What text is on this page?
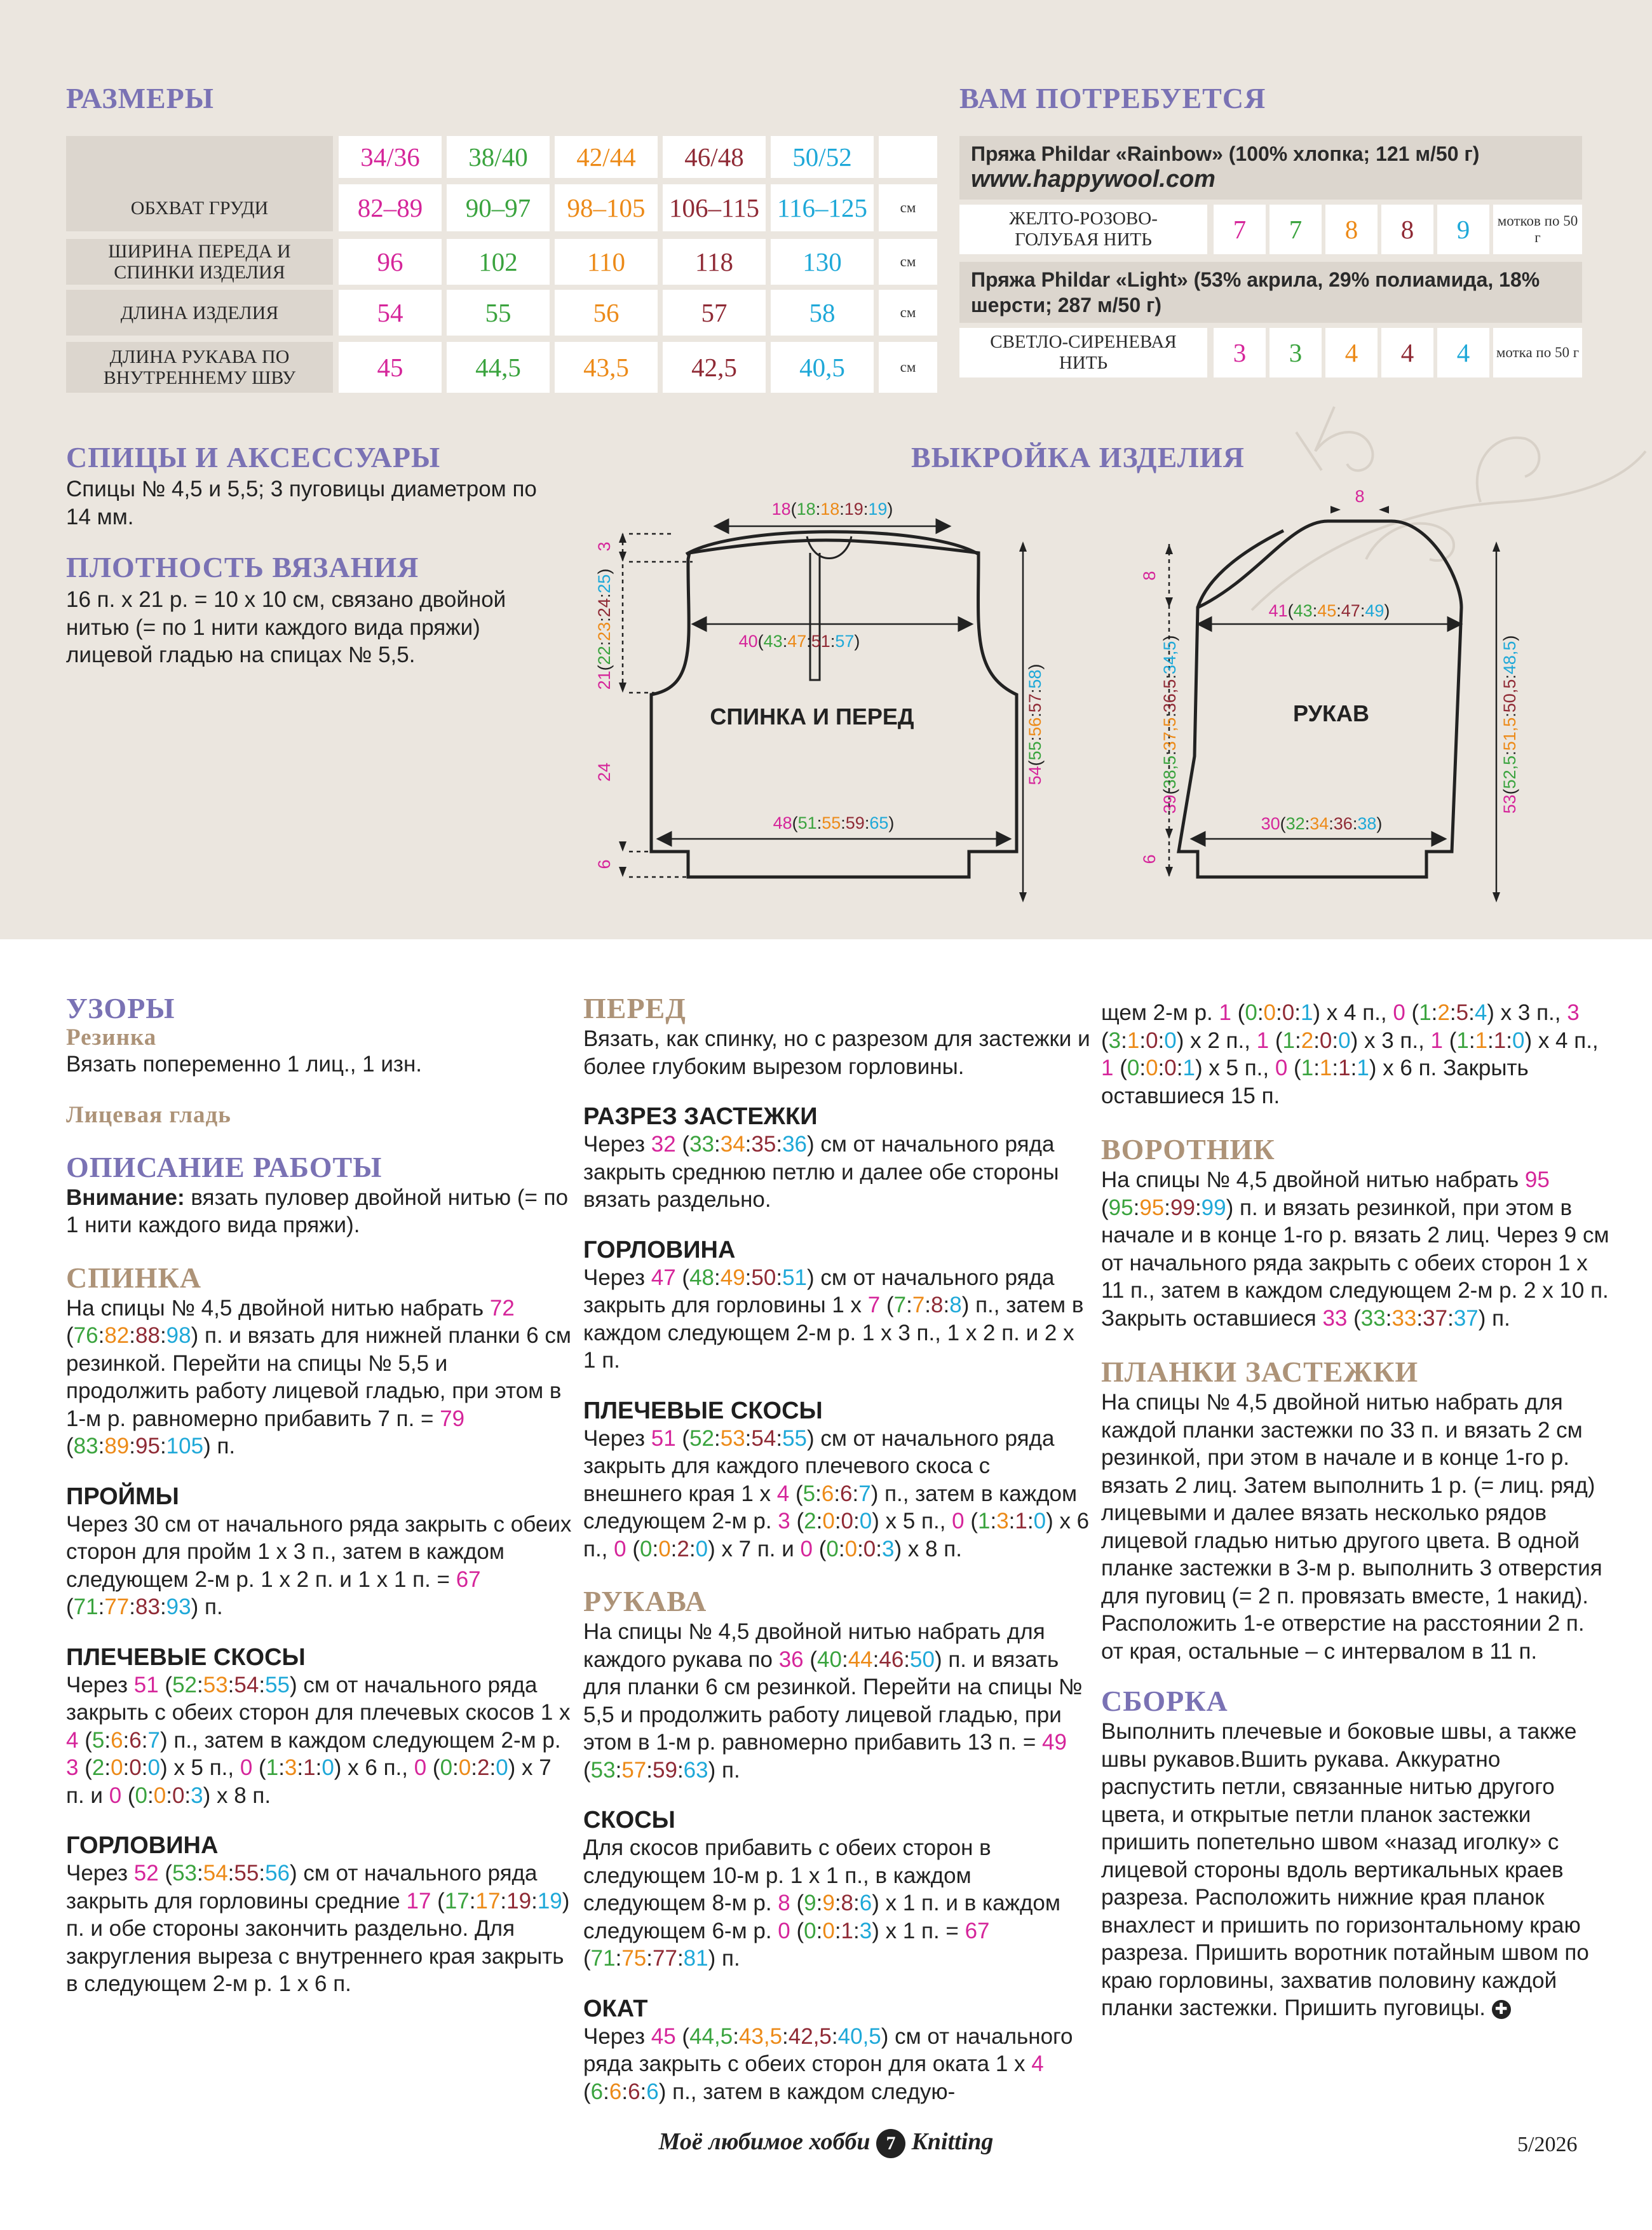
РАЗМЕРЫ
34/36	38/40	42/44	46/48	50/52
ОБХВАТ ГРУДИ	82–89	90–97	98–105 106–115 116–125	см
ШИРИНА ПЕРЕДА И СПИНКИ ИЗДЕЛИЯ	96	102	110	118	130	см
ДЛИНА ИЗДЕЛИЯ	54	55	56	57	58	см
ДЛИНА РУКАВА ПО ВНУТРЕННЕМУ ШВУ	45	44,5	43,5	42,5	40,5	см
ВАМ ПОТРЕБУЕТСЯ
Пряжа Phildar «Rainbow» (100% хлопка; 121 м/50 г)
www.happywool.com
ЖЕЛТО-РОЗОВО-ГОЛУБАЯ НИТЬ	7	7	8	8	9	мотков по 50 г
Пряжа Phildar «Light» (53% акрила, 29% полиамида, 18% шерсти; 287 м/50 г)
СВЕТЛО-СИРЕНЕВАЯ НИТЬ	3	3	4	4	4	мотка по 50 г
СПИЦЫ И АКСЕССУАРЫ
Спицы № 4,5 и 5,5; 3 пуговицы диаметром по 14 мм.
ПЛОТНОСТЬ ВЯЗАНИЯ
16 п. х 21 р. = 10 х 10 см, связано двойной нитью (= по 1 нити каждого вида пряжи) лицевой гладью на спицах № 5,5.
ВЫКРОЙКА ИЗДЕЛИЯ
СПИНКА И ПЕРЕД
18(18:18:19:19)
40(43:47:51:57)
48(51:55:59:65)
21(22:23:24:25)
54(55:56:57:58)
3
24
6
РУКАВ
41(43:45:47:49)
30(32:34:36:38)
39(38,5:37,5:36,5:34,5)
53(52,5:51,5:50,5:48,5)
8
8
6
УЗОРЫ
Резинка

Вязать попеременно 1 лиц., 1 изн.

Лицевая гладь
ОПИСАНИЕ РАБОТЫ

Внимание: вязать пуловер двойной нитью (= по 1 нити каждого вида пряжи).

СПИНКА

На спицы № 4,5 двойной нитью набрать 72 (76:82:88:98) п. и вязать для нижней планки 6 см резинкой. Перейти на спицы № 5,5 и продолжить работу лицевой гладью, при этом в 1-м р. равномерно прибавить 7 п. = 79 (83:89:95:105) п.

ПРОЙМЫ

Через 30 см от начального ряда закрыть с обеих сторон для пройм 1 х 3 п., затем в каждом следующем 2-м р. 1 х 2 п. и 1 х 1 п. = 67 (71:77:83:93) п.

ПЛЕЧЕВЫЕ СКОСЫ

Через 51 (52:53:54:55) см от начального ряда закрыть с обеих сторон для плечевых скосов 1 х 4 (5:6:6:7) п., затем в каждом следующем 2-м р. 3 (2:0:0:0) х 5 п., 0 (1:3:1:0) х 6 п., 0 (0:0:2:0) х 7 п. и 0 (0:0:0:3) х 8 п.

ГОРЛОВИНА

Через 52 (53:54:55:56) см от начального ряда закрыть для горловины средние 17 (17:17:19:19) п. и обе стороны закончить раздельно. Для закругления выреза с внутреннего края закрыть в следующем 2-м р. 1 х 6 п.

ПЕРЕД

Вязать, как спинку, но с разрезом для застежки и более глубоким вырезом горловины.

РАЗРЕЗ ЗАСТЕЖКИ

Через 32 (33:34:35:36) см от начального ряда закрыть среднюю петлю и далее обе стороны вязать раздельно.

ГОРЛОВИНА

Через 47 (48:49:50:51) см от начального ряда закрыть для горловины 1 х 7 (7:7:8:8) п., затем в каждом следующем 2-м р. 1 х 3 п., 1 х 2 п. и 2 х 1 п.

ПЛЕЧЕВЫЕ СКОСЫ

Через 51 (52:53:54:55) см от начального ряда закрыть для каждого плечевого скоса с внешнего края 1 х 4 (5:6:6:7) п., затем в каждом следующем 2-м р. 3 (2:0:0:0) х 5 п., 0 (1:3:1:0) х 6 п., 0 (0:0:2:0) х 7 п. и 0 (0:0:0:3) х 8 п.

РУКАВА

На спицы № 4,5 двойной нитью набрать для каждого рукава по 36 (40:44:46:50) п. и вязать для планки 6 см резинкой. Перейти на спицы № 5,5 и продолжить работу лицевой гладью, при этом в 1-м р. равномерно прибавить 13 п. = 49 (53:57:59:63) п.

СКОСЫ

Для скосов прибавить с обеих сторон в следующем 10-м р. 1 х 1 п., в каждом следующем 8-м р. 8 (9:9:8:6) х 1 п. и в каждом следующем 6-м р. 0 (0:0:1:3) х 1 п. = 67 (71:75:77:81) п.

ОКАТ

Через 45 (44,5:43,5:42,5:40,5) см от начального ряда закрыть с обеих сторон для оката 1 х 4 (6:6:6:6) п., затем в каждом следую-

щем 2-м р. 1 (0:0:0:1) х 4 п., 0 (1:2:5:4) х 3 п., 3 (3:1:0:0) х 2 п., 1 (1:2:0:0) х 3 п., 1 (1:1:1:0) х 4 п., 1 (0:0:0:1) х 5 п., 0 (1:1:1:1) х 6 п. Закрыть оставшиеся 15 п.

ВОРОТНИК

На спицы № 4,5 двойной нитью набрать 95 (95:95:99:99) п. и вязать резинкой, при этом в начале и в конце 1-го р. вязать 2 лиц. Через 9 см от начального ряда закрыть с обеих сторон 1 х 11 п., затем в каждом следующем 2-м р. 2 х 10 п. Закрыть оставшиеся 33 (33:33:37:37) п.

ПЛАНКИ ЗАСТЕЖКИ

На спицы № 4,5 двойной нитью набрать для каждой планки застежки по 33 п. и вязать 2 см резинкой, при этом в начале и в конце 1-го р. вязать 2 лиц. Затем выполнить 1 р. (= лиц. ряд) лицевыми и далее вязать несколько рядов лицевой гладью нитью другого цвета. В одной планке застежки в 3-м р. выполнить 3 отверстия для пуговиц (= 2 п. провязать вместе, 1 накид). Расположить 1-е отверстие на расстоянии 2 п. от края, остальные – с интервалом в 11 п.

СБОРКА

Выполнить плечевые и боковые швы, а также швы рукавов.Вшить рукава. Аккуратно распустить петли, связанные нитью другого цвета, и открытые петли планок застежки пришить попетельно швом «назад иголку» с лицевой стороны вдоль вертикальных краев разреза. Расположить нижние края планок внахлест и пришить по горизонтальному краю разреза. Пришить воротник потайным швом по краю горловины, захватив половину каждой планки застежки. Пришить пуговицы. ✚

Моё любимое хобби 7 Knitting	5/2026
